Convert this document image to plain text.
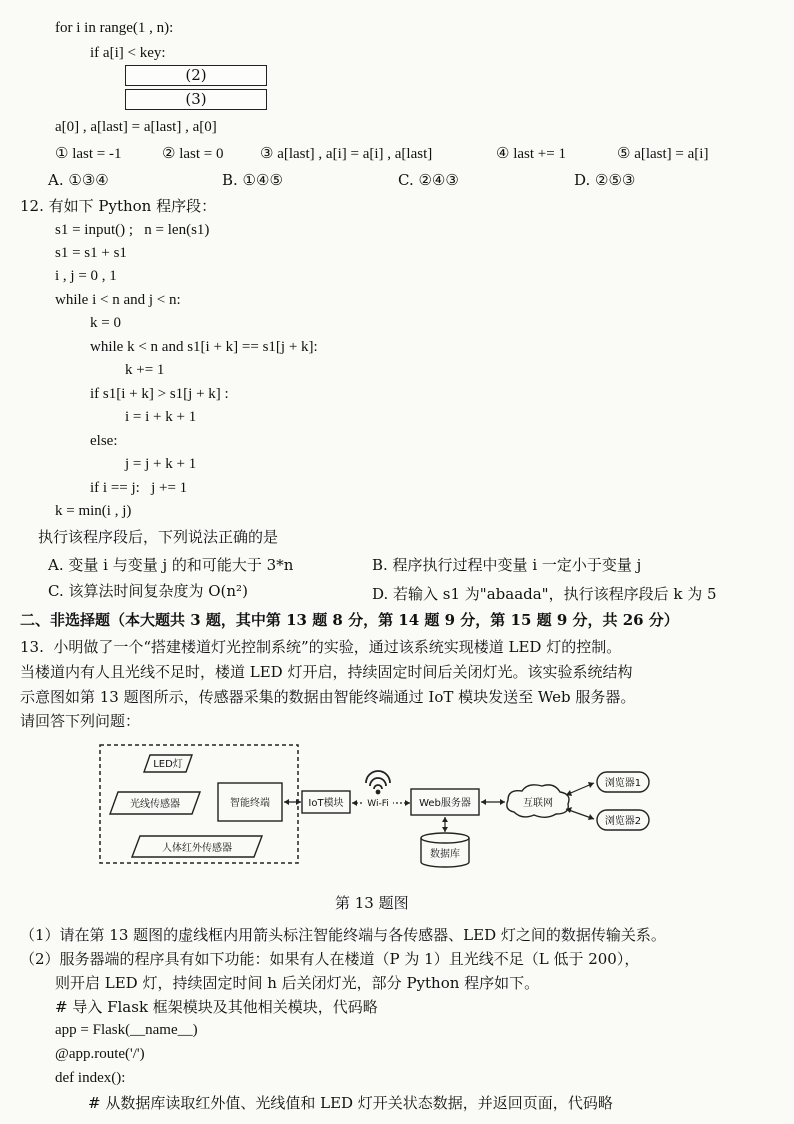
for i in range(1 , n):
if a[i] < key:
(2)
(3)
a[0] , a[last] = a[last] , a[0]
① last = -1	② last = 0 ③ a[last] , a[i] = a[i] , a[last]	④ last += 1	⑤ a[last] = a[i]
A. ①③④	B. ①④⑤	C. ②④③	D. ②⑤③
12. 有如下 Python 程序段：
s1 = input() ;   n = len(s1)
s1 = s1 + s1
i , j = 0 , 1
while i < n and j < n:
k = 0
while k < n and s1[i + k] == s1[j + k]:
k += 1
if s1[i + k] > s1[j + k] :
i = i + k + 1
else:
j = j + k + 1
if i == j:   j += 1
k = min(i , j)
执行该程序段后，下列说法正确的是
A. 变量 i 与变量 j 的和可能大于 3*n	B. 程序执行过程中变量 i 一定小于变量 j
C. 该算法时间复杂度为 O(n²)	D. 若输入 s1 为"abaada"，执行该程序段后 k 为 5
二、非选择题（本大题共 3 题，其中第 13 题 8 分，第 14 题 9 分，第 15 题 9 分，共 26 分）
13.  小明做了一个“搭建楼道灯光控制系统”的实验，通过该系统实现楼道 LED 灯的控制。
当楼道内有人且光线不足时，楼道 LED 灯开启，持续固定时间后关闭灯光。该实验系统结构
示意图如第 13 题图所示，传感器采集的数据由智能终端通过 IoT 模块发送至 Web 服务器。
请回答下列问题：
LED灯
光线传感器
人体红外传感器
智能终端	IoT模块	Wi-Fi	Web服务器
数据库
互联网
浏览器1
浏览器2
第 13 题图
（1）请在第 13 题图的虚线框内用箭头标注智能终端与各传感器、LED 灯之间的数据传输关系。
（2）服务器端的程序具有如下功能：如果有人在楼道（P 为 1）且光线不足（L 低于 200），
则开启 LED 灯，持续固定时间 h 后关闭灯光，部分 Python 程序如下。
# 导入 Flask 框架模块及其他相关模块，代码略
app = Flask(__name__)
@app.route('/')
def index():
# 从数据库读取红外值、光线值和 LED 灯开关状态数据，并返回页面，代码略
